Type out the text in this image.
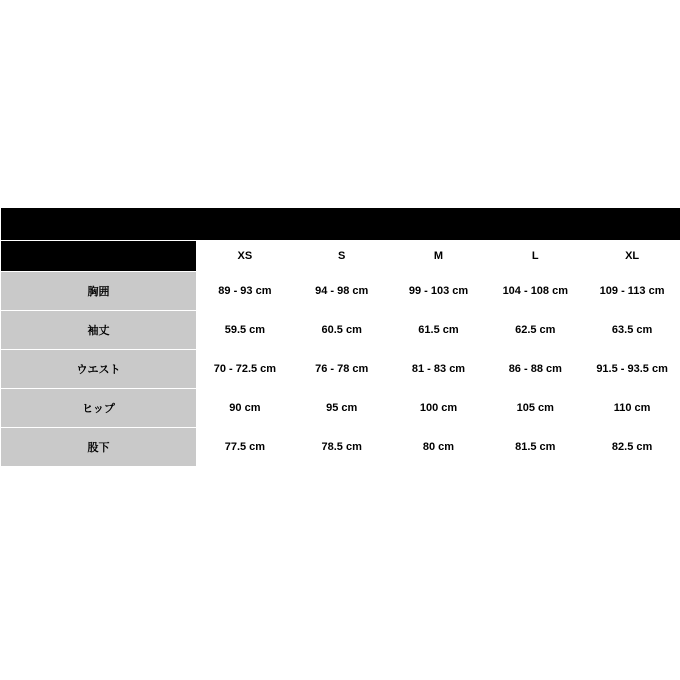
	MEN Body measures				
	XS	S	M	L	XL
胸囲	89 - 93 cm	94 - 98 cm	99 - 103 cm	104 - 108 cm	109 - 113 cm
袖丈	59.5 cm	60.5 cm	61.5 cm	62.5 cm	63.5 cm
ウエスト	70 - 72.5 cm	76 - 78 cm	81 - 83 cm	86 - 88 cm	91.5 - 93.5 cm
ヒップ	90 cm	95 cm	100 cm	105 cm	110 cm
股下	77.5 cm	78.5 cm	80 cm	81.5 cm	82.5 cm
